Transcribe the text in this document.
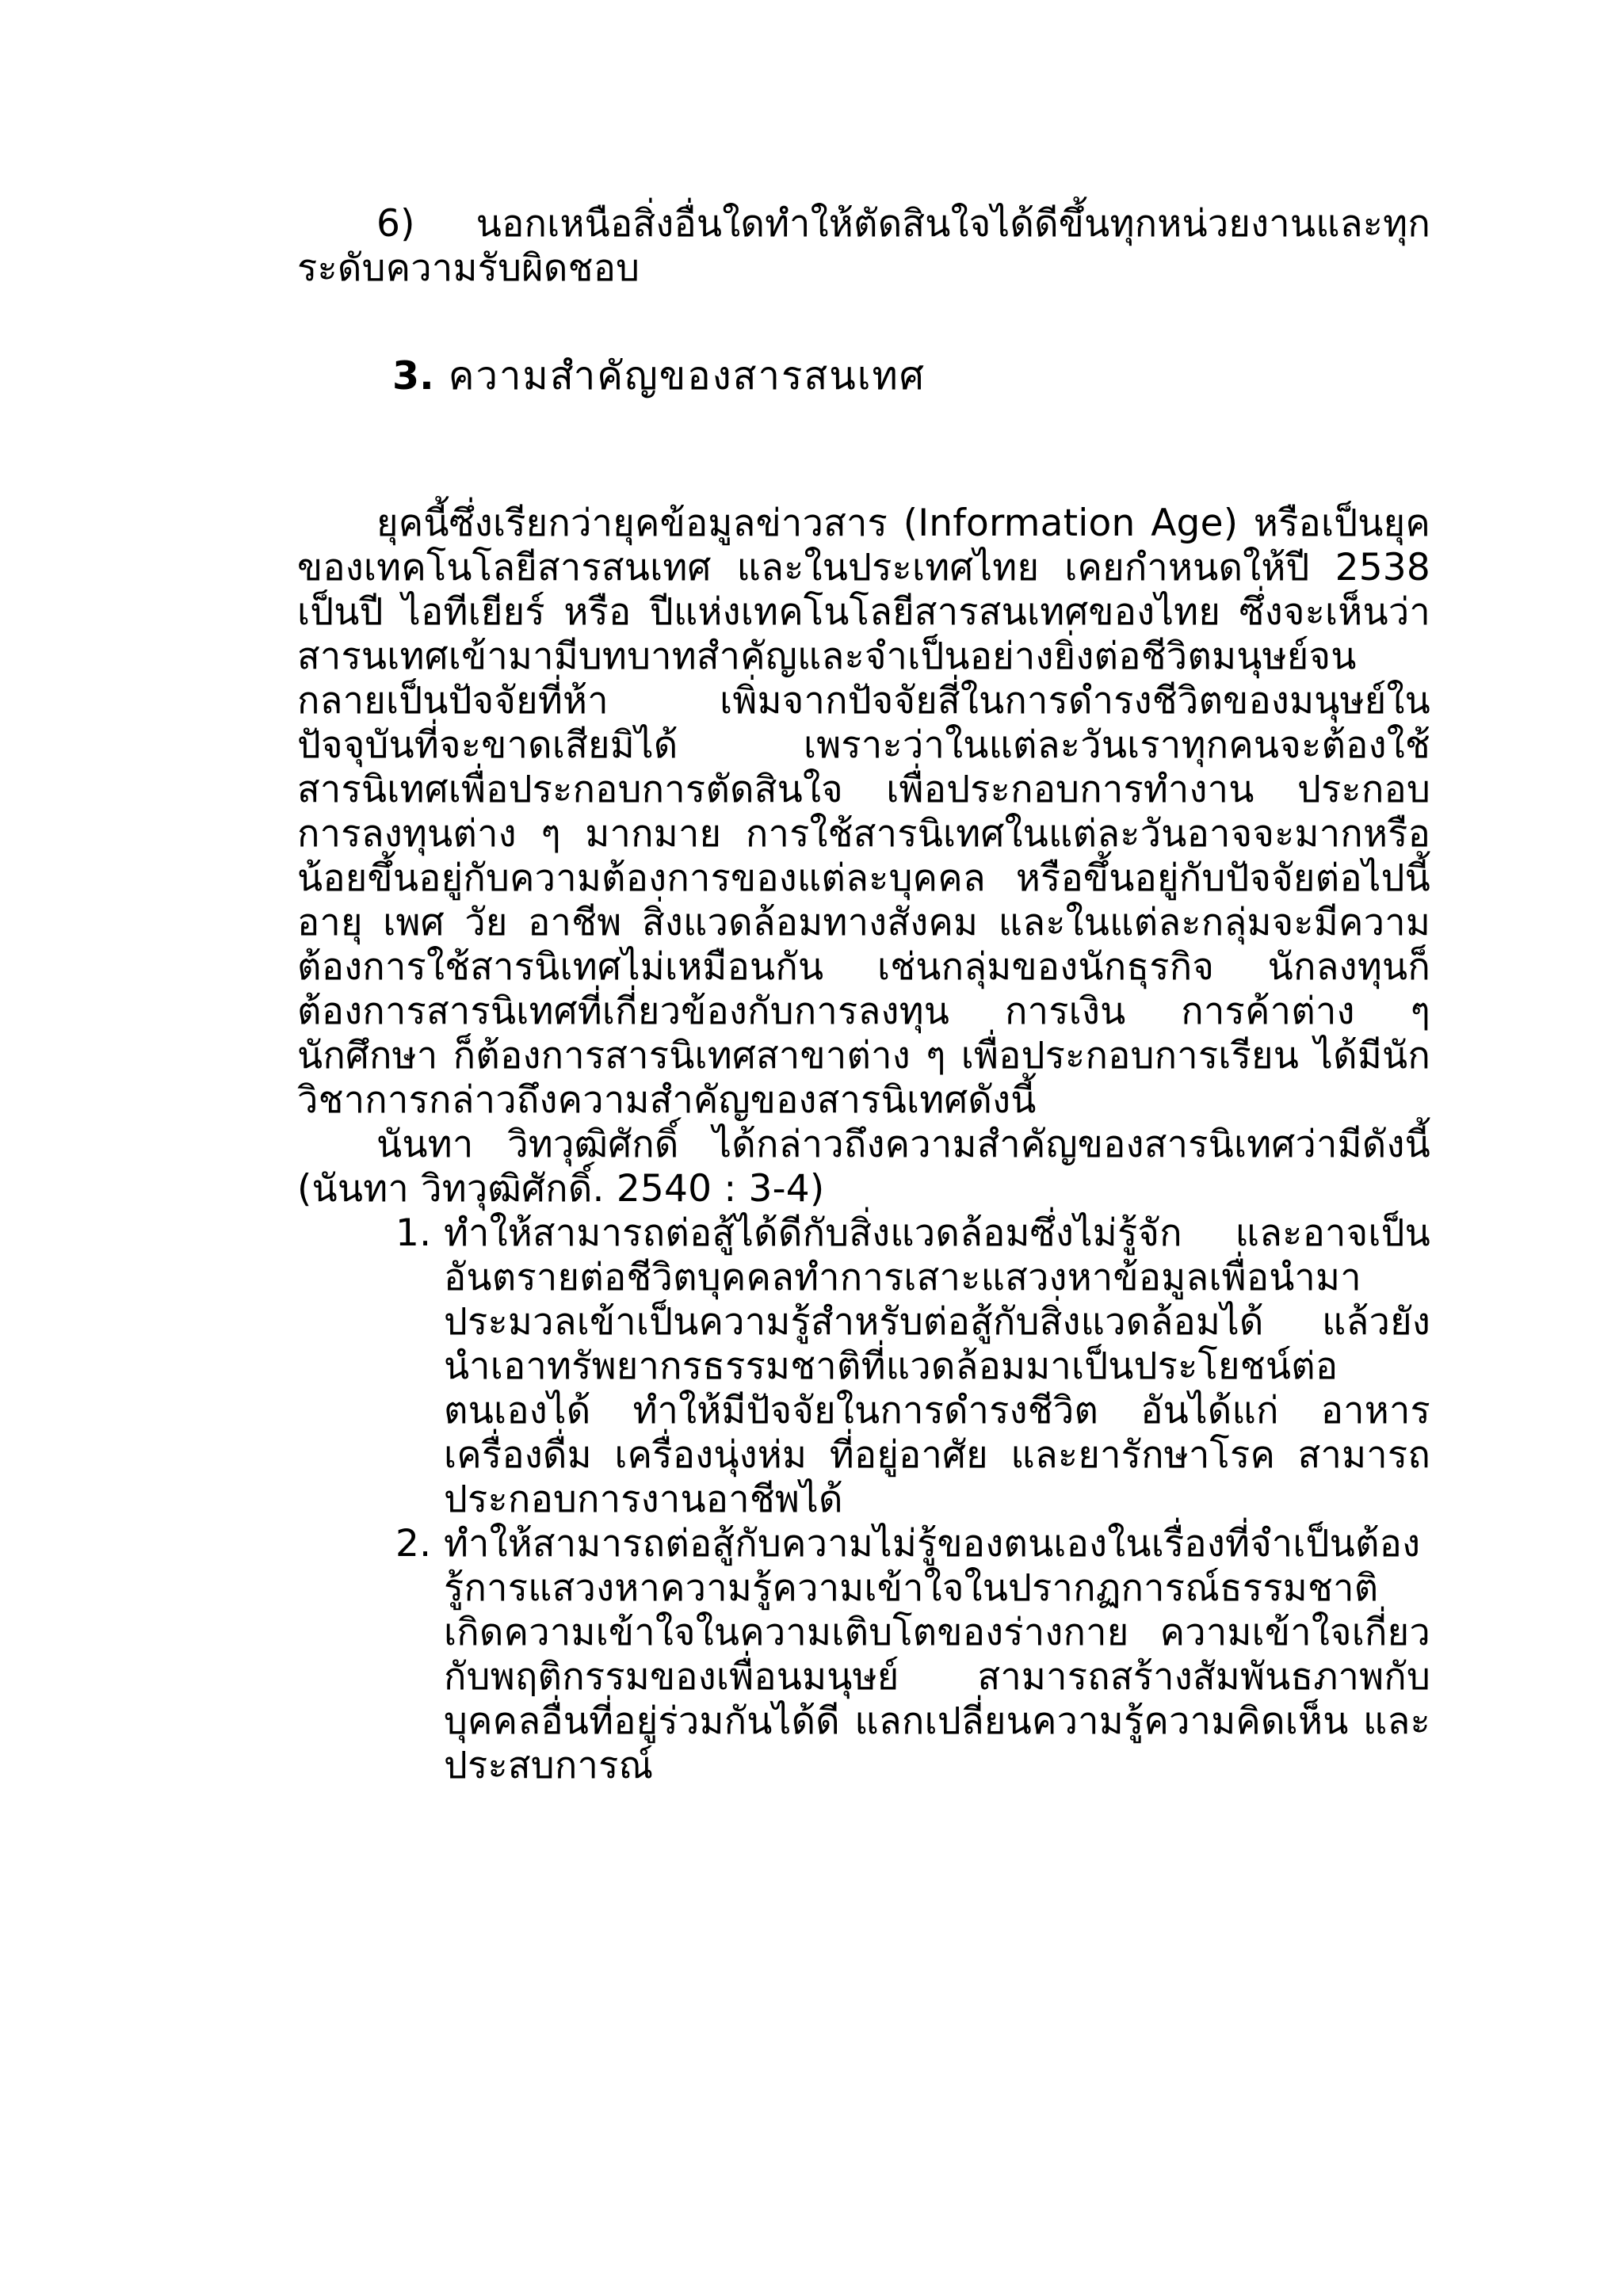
6) นอกเหนือสิ่งอื่นใดทำให้ตัดสินใจได้ดีขึ้นทุกหน่วยงานและทุกระดับความรับผิดชอบ

3. ความสำคัญของสารสนเทศ

ยุคนี้ซึ่งเรียกว่ายุคข้อมูลข่าวสาร (Information Age) หรือเป็นยุคของเทคโนโลยีสารสนเทศ และในประเทศไทย เคยกำหนดให้ปี 2538 เป็นปี ไอทีเยียร์ หรือ ปีแห่งเทคโนโลยีสารสนเทศของไทย ซึ่งจะเห็นว่าสารนเทศเข้ามามีบทบาทสำคัญและจำเป็นอย่างยิ่งต่อชีวิตมนุษย์จนกลายเป็นปัจจัยที่ห้า เพิ่มจากปัจจัยสี่ในการดำรงชีวิตของมนุษย์ในปัจจุบันที่จะขาดเสียมิได้ เพราะว่าในแต่ละวันเราทุกคนจะต้องใช้สารนิเทศเพื่อประกอบการตัดสินใจ เพื่อประกอบการทำงาน ประกอบการลงทุนต่าง ๆ มากมาย การใช้สารนิเทศในแต่ละวันอาจจะมากหรือน้อยขึ้นอยู่กับความต้องการของแต่ละบุคคล หรือขึ้นอยู่กับปัจจัยต่อไปนี้ อายุ เพศ วัย อาชีพ สิ่งแวดล้อมทางสังคม และในแต่ละกลุ่มจะมีความต้องการใช้สารนิเทศไม่เหมือนกัน เช่นกลุ่มของนักธุรกิจ นักลงทุนก็ต้องการสารนิเทศที่เกี่ยวข้องกับการลงทุน การเงิน การค้าต่าง ๆ นักศึกษา ก็ต้องการสารนิเทศสาขาต่าง ๆ เพื่อประกอบการเรียน ได้มีนักวิชาการกล่าวถึงความสำคัญของสารนิเทศดังนี้

นันทา วิทวุฒิศักดิ์ ได้กล่าวถึงความสำคัญของสารนิเทศว่ามีดังนี้ (นันทา วิทวุฒิศักดิ์. 2540 : 3-4)

1. ทำให้สามารถต่อสู้ได้ดีกับสิ่งแวดล้อมซึ่งไม่รู้จัก และอาจเป็นอันตรายต่อชีวิตบุคคลทำการเสาะแสวงหาข้อมูลเพื่อนำมาประมวลเข้าเป็นความรู้สำหรับต่อสู้กับสิ่งแวดล้อมได้ แล้วยังนำเอาทรัพยากรธรรมชาติที่แวดล้อมมาเป็นประโยชน์ต่อตนเองได้ ทำให้มีปัจจัยในการดำรงชีวิต อันได้แก่ อาหาร เครื่องดื่ม เครื่องนุ่งห่ม ที่อยู่อาศัย และยารักษาโรค สามารถประกอบการงานอาชีพได้
2. ทำให้สามารถต่อสู้กับความไม่รู้ของตนเองในเรื่องที่จำเป็นต้องรู้การแสวงหาความรู้ความเข้าใจในปรากฏการณ์ธรรมชาติ เกิดความเข้าใจในความเติบโตของร่างกาย ความเข้าใจเกี่ยวกับพฤติกรรมของเพื่อนมนุษย์ สามารถสร้างสัมพันธภาพกับบุคคลอื่นที่อยู่ร่วมกันได้ดี แลกเปลี่ยนความรู้ความคิดเห็น และประสบการณ์
